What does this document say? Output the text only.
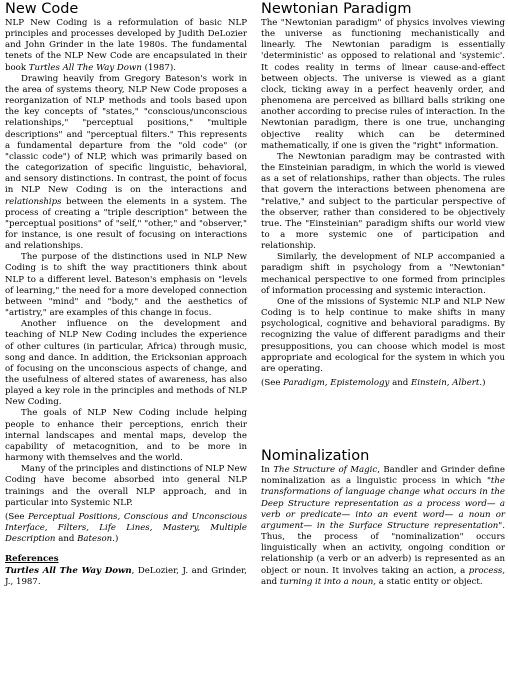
New Code

NLP New Coding is a reformulation of basic NLP principles and processes developed by Judith DeLozier and John Grinder in the late 1980s. The fundamental tenets of the NLP New Code are encapsulated in their book Turtles All The Way Down (1987).

Drawing heavily from Gregory Bateson's work in the area of systems theory, NLP New Code proposes a reorganization of NLP methods and tools based upon the key concepts of "states," "conscious/unconscious relationships," "perceptual positions," "multiple descriptions" and "perceptual filters." This represents a fundamental departure from the "old code" (or "classic code") of NLP, which was primarily based on the categorization of specific linguistic, behavioral, and sensory distinctions. In contrast, the point of focus in NLP New Coding is on the interactions and relationships between the elements in a system. The process of creating a "triple description" between the "perceptual positions" of "self," "other," and "observer," for instance, is one result of focusing on interactions and relationships.

The purpose of the distinctions used in NLP New Coding is to shift the way practitioners think about NLP to a different level. Bateson's emphasis on "levels of learning," the need for a more developed connection between "mind" and "body," and the aesthetics of "artistry," are examples of this change in focus.

Another influence on the development and teaching of NLP New Coding includes the experience of other cultures (in particular, Africa) through music, song and dance. In addition, the Ericksonian approach of focusing on the unconscious aspects of change, and the usefulness of altered states of awareness, has also played a key role in the principles and methods of NLP New Coding.

The goals of NLP New Coding include helping people to enhance their perceptions, enrich their internal landscapes and mental maps, develop the capability of metacognition, and to be more in harmony with themselves and the world.

Many of the principles and distinctions of NLP New Coding have become absorbed into general NLP trainings and the overall NLP approach, and in particular into Systemic NLP.

(See Perceptual Positions, Conscious and Unconscious Interface, Filters, Life Lines, Mastery, Multiple Description and Bateson.)

References

Turtles All The Way Down, DeLozier, J. and Grinder, J., 1987.

Newtonian Paradigm

The "Newtonian paradigm" of physics involves viewing the universe as functioning mechanistically and linearly. The Newtonian paradigm is essentially 'deterministic' as opposed to relational and 'systemic'. It codes reality in terms of linear cause-and-effect between objects. The universe is viewed as a giant clock, ticking away in a perfect heavenly order, and phenomena are perceived as billiard balls striking one another according to precise rules of interaction. In the Newtonian paradigm, there is one true, unchanging objective reality which can be determined mathematically, if one is given the "right" information.

The Newtonian paradigm may be contrasted with the Einsteinian paradigm, in which the world is viewed as a set of relationships, rather than objects. The rules that govern the interactions between phenomena are "relative," and subject to the particular perspective of the observer, rather than considered to be objectively true. The "Einsteinian" paradigm shifts our world view to a more systemic one of participation and relationship.

Similarly, the development of NLP accompanied a paradigm shift in psychology from a "Newtonian" mechanical perspective to one formed from principles of information processing and systemic interaction.

One of the missions of Systemic NLP and NLP New Coding is to help continue to make shifts in many psychological, cognitive and behavioral paradigms. By recognizing the value of different paradigms and their presuppositions, you can choose which model is most appropriate and ecological for the system in which you are operating.

(See Paradigm, Epistemology and Einstein, Albert.)

Nominalization

In The Structure of Magic, Bandler and Grinder define nominalization as a linguistic process in which "the transformations of language change what occurs in the Deep Structure representation as a process word— a verb or predicate— into an event word— a noun or argument— in the Surface Structure representation". Thus, the process of "nominalization" occurs linguistically when an activity, ongoing condition or relationship (a verb or an adverb) is represented as an object or noun. It involves taking an action, a process, and turning it into a noun, a static entity or object.
